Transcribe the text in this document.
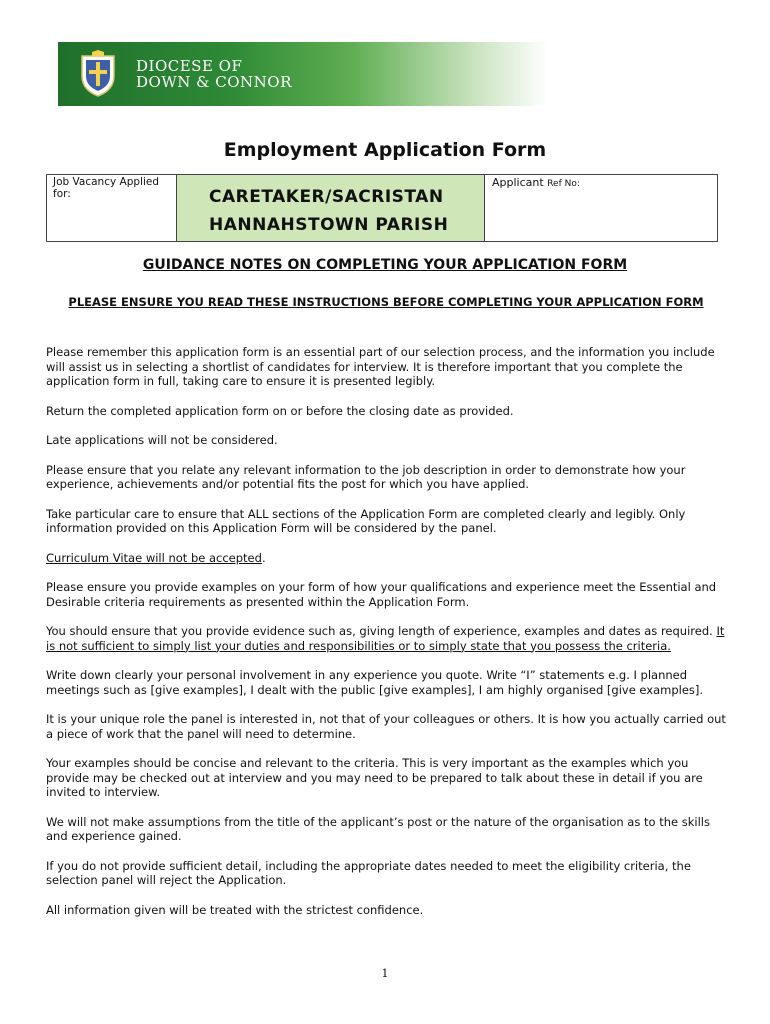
DIOCESE OF
DOWN & CONNOR
Employment Application Form
Job Vacancy Applied for:	CARETAKER/SACRISTAN
HANNAHSTOWN PARISH
Applicant Ref No:
GUIDANCE NOTES ON COMPLETING YOUR APPLICATION FORM
PLEASE ENSURE YOU READ THESE INSTRUCTIONS BEFORE COMPLETING YOUR APPLICATION FORM

Please remember this application form is an essential part of our selection process, and the information you include will assist us in selecting a shortlist of candidates for interview. It is therefore important that you complete the application form in full, taking care to ensure it is presented legibly.

Return the completed application form on or before the closing date as provided.

Late applications will not be considered.

Please ensure that you relate any relevant information to the job description in order to demonstrate how your experience, achievements and/or potential fits the post for which you have applied.

Take particular care to ensure that ALL sections of the Application Form are completed clearly and legibly. Only information provided on this Application Form will be considered by the panel.

Curriculum Vitae will not be accepted.

Please ensure you provide examples on your form of how your qualifications and experience meet the Essential and Desirable criteria requirements as presented within the Application Form.

You should ensure that you provide evidence such as, giving length of experience, examples and dates as required. It is not sufficient to simply list your duties and responsibilities or to simply state that you possess the criteria.

Write down clearly your personal involvement in any experience you quote. Write “I” statements e.g. I planned meetings such as [give examples], I dealt with the public [give examples], I am highly organised [give examples].

It is your unique role the panel is interested in, not that of your colleagues or others. It is how you actually carried out a piece of work that the panel will need to determine.

Your examples should be concise and relevant to the criteria. This is very important as the examples which you provide may be checked out at interview and you may need to be prepared to talk about these in detail if you are invited to interview.

We will not make assumptions from the title of the applicant’s post or the nature of the organisation as to the skills and experience gained.

If you do not provide sufficient detail, including the appropriate dates needed to meet the eligibility criteria, the selection panel will reject the Application.

All information given will be treated with the strictest confidence.

1
